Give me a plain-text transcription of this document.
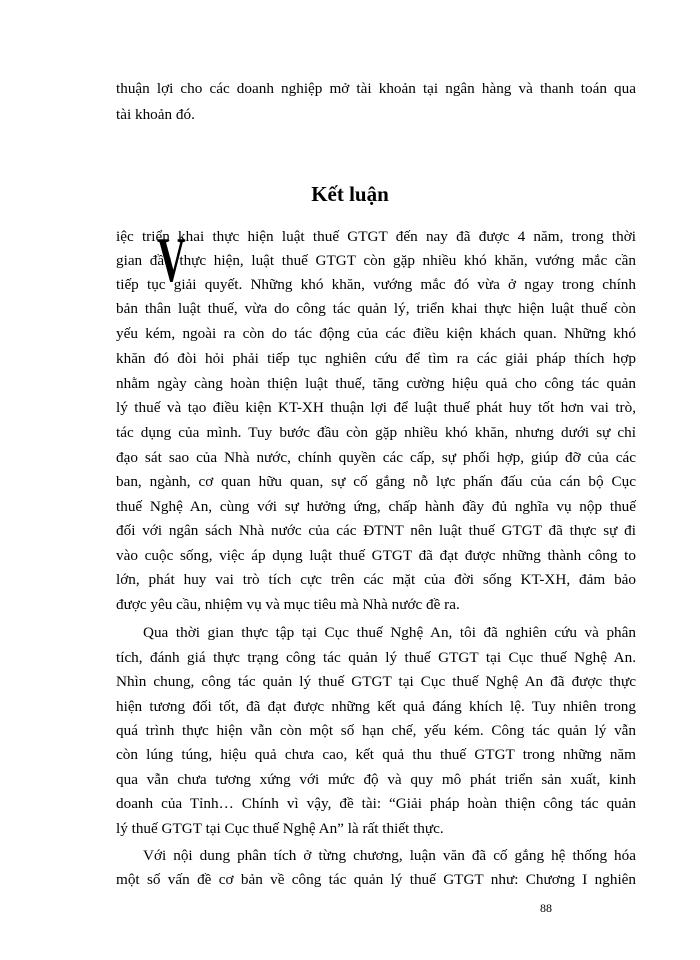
thuận lợi cho các doanh nghiệp mở tài khoản tại ngân hàng và thanh toán qua
tài khoản đó.
Kết luận
V
iệc triển khai thực hiện luật thuế GTGT đến nay đã được 4 năm, trong thời
gian đầu thực hiện, luật thuế GTGT còn gặp nhiều khó khăn, vướng mắc cần
tiếp tục giải quyết. Những khó khăn, vướng mắc đó vừa ở ngay trong chính
bản thân luật thuế, vừa do công tác quản lý, triển khai thực hiện luật thuế còn
yếu kém, ngoài ra còn do tác động của các điều kiện khách quan. Những khó
khăn đó đòi hỏi phải tiếp tục nghiên cứu để tìm ra các giải pháp thích hợp
nhằm ngày càng hoàn thiện luật thuế, tăng cường hiệu quả cho công tác quản
lý thuế và tạo điều kiện KT-XH thuận lợi để luật thuế phát huy tốt hơn vai trò,
tác dụng của mình. Tuy bước đầu còn gặp nhiều khó khăn, nhưng dưới sự chỉ
đạo sát sao của Nhà nước, chính quyền các cấp, sự phối hợp, giúp đỡ của các
ban, ngành, cơ quan hữu quan, sự cố gắng nỗ lực phấn đấu của cán bộ Cục
thuế Nghệ An, cùng với sự hưởng ứng, chấp hành đầy đủ nghĩa vụ nộp thuế
đối với ngân sách Nhà nước của các ĐTNT nên luật thuế GTGT đã thực sự đi
vào cuộc sống, việc áp dụng luật thuế GTGT đã đạt được những thành công to
lớn, phát huy vai trò tích cực trên các mặt của đời sống KT-XH, đảm bảo
được yêu cầu, nhiệm vụ và mục tiêu mà Nhà nước đề ra.
Qua thời gian thực tập tại Cục thuế Nghệ An, tôi đã nghiên cứu và phân
tích, đánh giá thực trạng công tác quản lý thuế GTGT tại Cục thuế Nghệ An.
Nhìn chung, công tác quản lý thuế GTGT tại Cục thuế Nghệ An đã được thực
hiện tương đối tốt, đã đạt được những kết quả đáng khích lệ. Tuy nhiên trong
quá trình thực hiện vẫn còn một số hạn chế, yếu kém. Công tác quản lý vẫn
còn lúng túng, hiệu quả chưa cao, kết quả thu thuế GTGT trong những năm
qua vẫn chưa tương xứng với mức độ và quy mô phát triển sản xuất, kinh
doanh của Tỉnh… Chính vì vậy, đề tài: “Giải pháp hoàn thiện công tác quản
lý thuế GTGT tại Cục thuế Nghệ An” là rất thiết thực.
Với nội dung phân tích ở từng chương, luận văn đã cố gắng hệ thống hóa
một số vấn đề cơ bản về công tác quản lý thuế GTGT như: Chương I nghiên
88
